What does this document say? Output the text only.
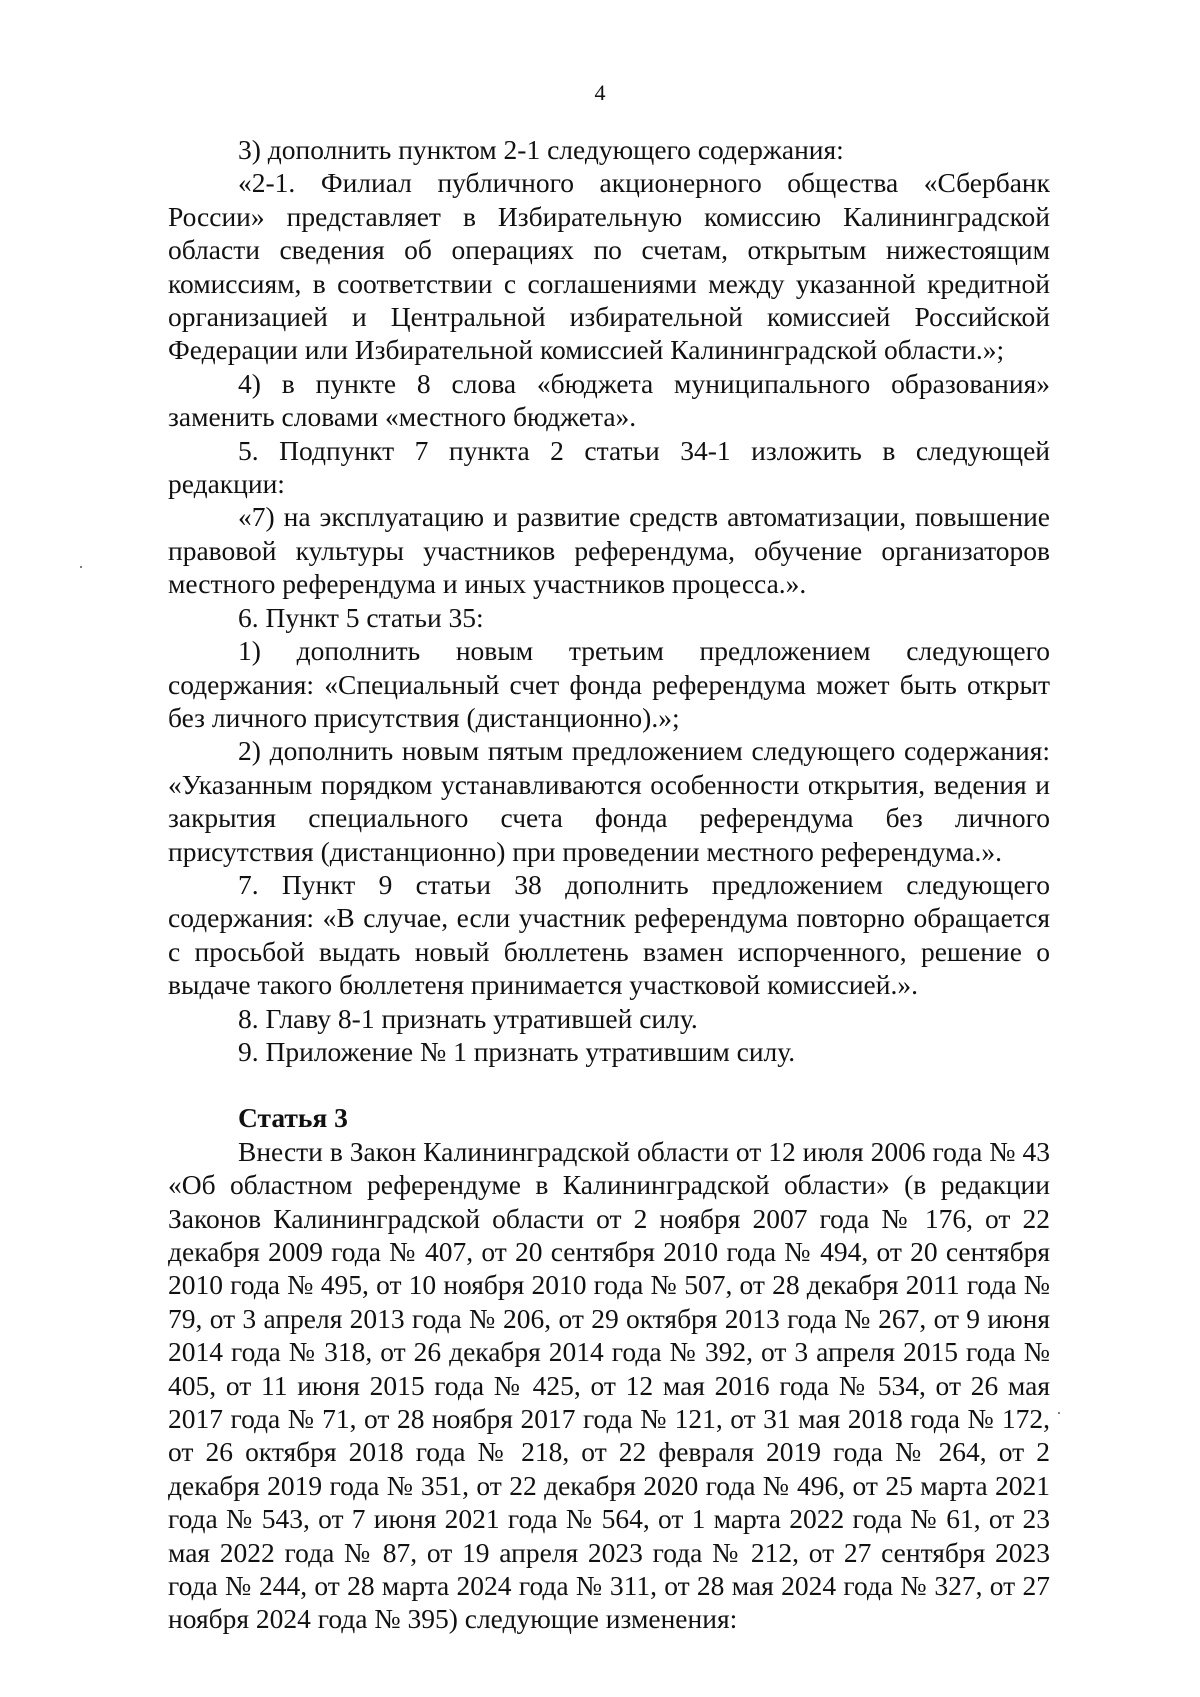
4

3) дополнить пунктом 2-1 следующего содержания:

«2-1. Филиал публичного акционерного общества «Сбербанк России» представляет в Избирательную комиссию Калининградской области сведения об операциях по счетам, открытым нижестоящим комиссиям, в соответствии с соглашениями между указанной кредитной организацией и Центральной избирательной комиссией Российской Федерации или Избирательной комиссией Калининградской области.»;

4) в пункте 8 слова «бюджета муниципального образования» заменить словами «местного бюджета».

5. Подпункт 7 пункта 2 статьи 34-1 изложить в следующей редакции:

«7) на эксплуатацию и развитие средств автоматизации, повышение правовой культуры участников референдума, обучение организаторов местного референдума и иных участников процесса.».

6. Пункт 5 статьи 35:

1) дополнить новым третьим предложением следующего содержания: «Специальный счет фонда референдума может быть открыт без личного присутствия (дистанционно).»;

2) дополнить новым пятым предложением следующего содержания: «Указанным порядком устанавливаются особенности открытия, ведения и закрытия специального счета фонда референдума без личного присутствия (дистанционно) при проведении местного референдума.».

7. Пункт 9 статьи 38 дополнить предложением следующего содержания: «В случае, если участник референдума повторно обращается с просьбой выдать новый бюллетень взамен испорченного, решение о выдаче такого бюллетеня принимается участковой комиссией.».

8. Главу 8-1 признать утратившей силу.

9. Приложение № 1 признать утратившим силу.

Статья 3

Внести в Закон Калининградской области от 12 июля 2006 года № 43 «Об областном референдуме в Калининградской области» (в редакции Законов Калининградской области от 2 ноября 2007 года № 176, от 22 декабря 2009 года № 407, от 20 сентября 2010 года № 494, от 20 сентября 2010 года № 495, от 10 ноября 2010 года № 507, от 28 декабря 2011 года № 79, от 3 апреля 2013 года № 206, от 29 октября 2013 года № 267, от 9 июня 2014 года № 318, от 26 декабря 2014 года № 392, от 3 апреля 2015 года № 405, от 11 июня 2015 года № 425, от 12 мая 2016 года № 534, от 26 мая 2017 года № 71, от 28 ноября 2017 года № 121, от 31 мая 2018 года № 172, от 26 октября 2018 года № 218, от 22 февраля 2019 года № 264, от 2 декабря 2019 года № 351, от 22 декабря 2020 года № 496, от 25 марта 2021 года № 543, от 7 июня 2021 года № 564, от 1 марта 2022 года № 61, от 23 мая 2022 года № 87, от 19 апреля 2023 года № 212, от 27 сентября 2023 года № 244, от 28 марта 2024 года № 311, от 28 мая 2024 года № 327, от 27 ноября 2024 года № 395) следующие изменения:
